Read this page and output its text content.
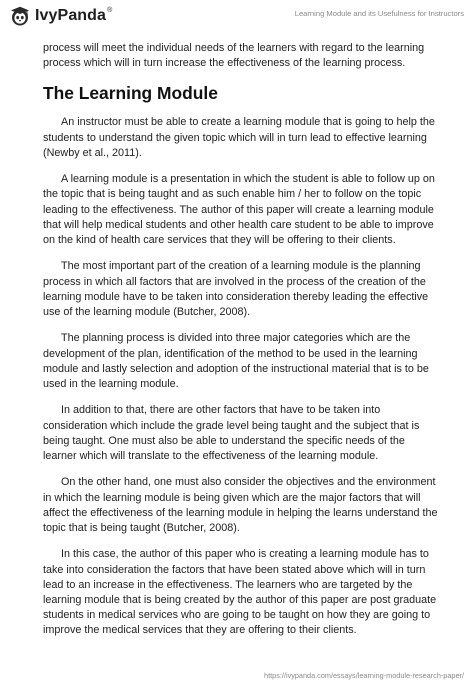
IvyPanda®	Learning Module and its Usefulness for Instructors

process will meet the individual needs of the learners with regard to the learning process which will in turn increase the effectiveness of the learning process.

The Learning Module

An instructor must be able to create a learning module that is going to help the students to understand the given topic which will in turn lead to effective learning (Newby et al., 2011).

A learning module is a presentation in which the student is able to follow up on the topic that is being taught and as such enable him / her to follow on the topic leading to the effectiveness. The author of this paper will create a learning module that will help medical students and other health care student to be able to improve on the kind of health care services that they will be offering to their clients.

The most important part of the creation of a learning module is the planning process in which all factors that are involved in the process of the creation of the learning module have to be taken into consideration thereby leading the effective use of the learning module (Butcher, 2008).

The planning process is divided into three major categories which are the development of the plan, identification of the method to be used in the learning module and lastly selection and adoption of the instructional material that is to be used in the learning module.

In addition to that, there are other factors that have to be taken into consideration which include the grade level being taught and the subject that is being taught. One must also be able to understand the specific needs of the learner which will translate to the effectiveness of the learning module.

On the other hand, one must also consider the objectives and the environment in which the learning module is being given which are the major factors that will affect the effectiveness of the learning module in helping the learns understand the topic that is being taught (Butcher, 2008).

In this case, the author of this paper who is creating a learning module has to take into consideration the factors that have been stated above which will in turn lead to an increase in the effectiveness. The learners who are targeted by the learning module that is being created by the author of this paper are post graduate students in medical services who are going to be taught on how they are going to improve the medical services that they are offering to their clients.

https://ivypanda.com/essays/learning-module-research-paper/
